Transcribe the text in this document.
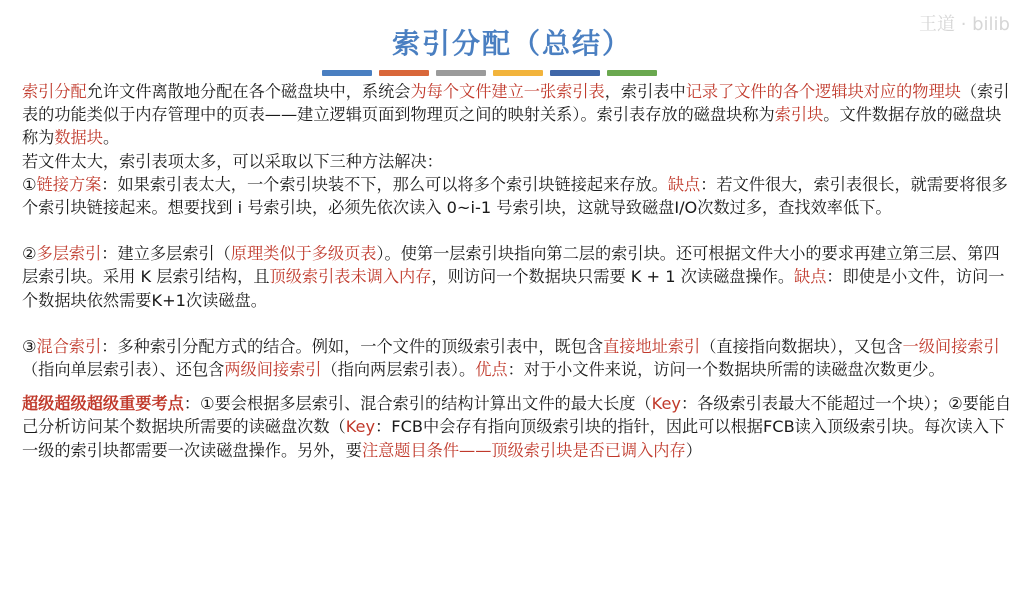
王道 · bilib
索引分配（总结）

索引分配允许文件离散地分配在各个磁盘块中，系统会为每个文件建立一张索引表，索引表中记录了文件的各个逻辑块对应的物理块（索引表的功能类似于内存管理中的页表——建立逻辑页面到物理页之间的映射关系）。索引表存放的磁盘块称为索引块。文件数据存放的磁盘块称为数据块。

若文件太大，索引表项太多，可以采取以下三种方法解决：

①链接方案：如果索引表太大，一个索引块装不下，那么可以将多个索引块链接起来存放。缺点：若文件很大，索引表很长，就需要将很多个索引块链接起来。想要找到 i 号索引块，必须先依次读入 0~i-1 号索引块，这就导致磁盘I/O次数过多，查找效率低下。

②多层索引：建立多层索引（原理类似于多级页表）。使第一层索引块指向第二层的索引块。还可根据文件大小的要求再建立第三层、第四层索引块。采用 K 层索引结构，且顶级索引表未调入内存，则访问一个数据块只需要 K + 1 次读磁盘操作。缺点：即使是小文件，访问一个数据块依然需要K+1次读磁盘。

③混合索引：多种索引分配方式的结合。例如，一个文件的顶级索引表中，既包含直接地址索引（直接指向数据块），又包含一级间接索引（指向单层索引表）、还包含两级间接索引（指向两层索引表）。优点：对于小文件来说，访问一个数据块所需的读磁盘次数更少。

超级超级超级重要考点：①要会根据多层索引、混合索引的结构计算出文件的最大长度（Key：各级索引表最大不能超过一个块）；②要能自己分析访问某个数据块所需要的读磁盘次数（Key：FCB中会存有指向顶级索引块的指针，因此可以根据FCB读入顶级索引块。每次读入下一级的索引块都需要一次读磁盘操作。另外，要注意题目条件——顶级索引块是否已调入内存）
